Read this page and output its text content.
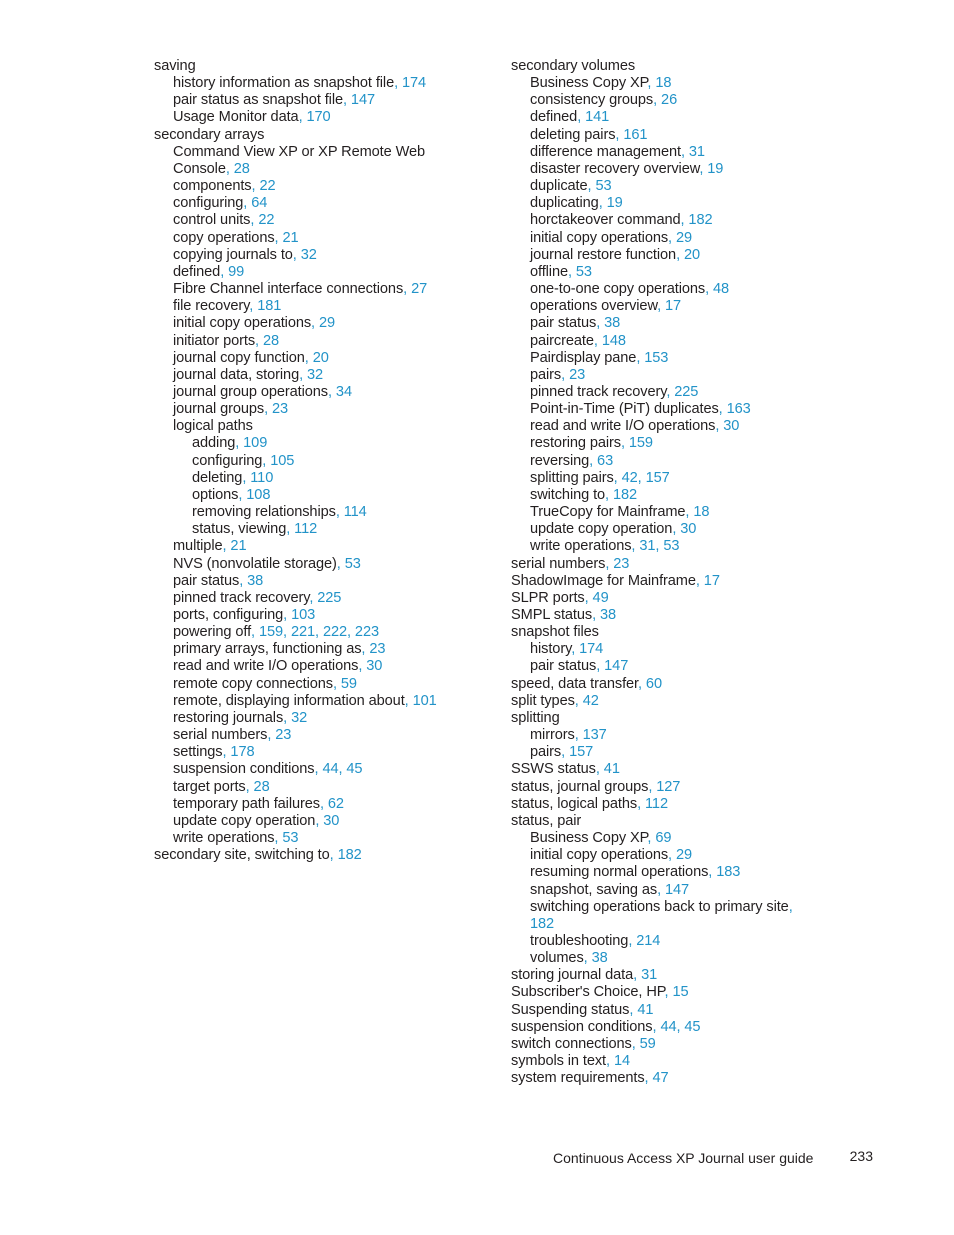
saving
history information as snapshot file, 174
pair status as snapshot file, 147
Usage Monitor data, 170
secondary arrays
Command View XP or XP Remote Web
Console, 28
components, 22
configuring, 64
control units, 22
copy operations, 21
copying journals to, 32
defined, 99
Fibre Channel interface connections, 27
file recovery, 181
initial copy operations, 29
initiator ports, 28
journal copy function, 20
journal data, storing, 32
journal group operations, 34
journal groups, 23
logical paths
adding, 109
configuring, 105
deleting, 110
options, 108
removing relationships, 114
status, viewing, 112
multiple, 21
NVS (nonvolatile storage), 53
pair status, 38
pinned track recovery, 225
ports, configuring, 103
powering off, 159, 221, 222, 223
primary arrays, functioning as, 23
read and write I/O operations, 30
remote copy connections, 59
remote, displaying information about, 101
restoring journals, 32
serial numbers, 23
settings, 178
suspension conditions, 44, 45
target ports, 28
temporary path failures, 62
update copy operation, 30
write operations, 53
secondary site, switching to, 182
secondary volumes
Business Copy XP, 18
consistency groups, 26
defined, 141
deleting pairs, 161
difference management, 31
disaster recovery overview, 19
duplicate, 53
duplicating, 19
horctakeover command, 182
initial copy operations, 29
journal restore function, 20
offline, 53
one-to-one copy operations, 48
operations overview, 17
pair status, 38
paircreate, 148
Pairdisplay pane, 153
pairs, 23
pinned track recovery, 225
Point-in-Time (PiT) duplicates, 163
read and write I/O operations, 30
restoring pairs, 159
reversing, 63
splitting pairs, 42, 157
switching to, 182
TrueCopy for Mainframe, 18
update copy operation, 30
write operations, 31, 53
serial numbers, 23
ShadowImage for Mainframe, 17
SLPR ports, 49
SMPL status, 38
snapshot files
history, 174
pair status, 147
speed, data transfer, 60
split types, 42
splitting
mirrors, 137
pairs, 157
SSWS status, 41
status, journal groups, 127
status, logical paths, 112
status, pair
Business Copy XP, 69
initial copy operations, 29
resuming normal operations, 183
snapshot, saving as, 147
switching operations back to primary site,
182
troubleshooting, 214
volumes, 38
storing journal data, 31
Subscriber's Choice, HP, 15
Suspending status, 41
suspension conditions, 44, 45
switch connections, 59
symbols in text, 14
system requirements, 47
Continuous Access XP Journal user guide	233
